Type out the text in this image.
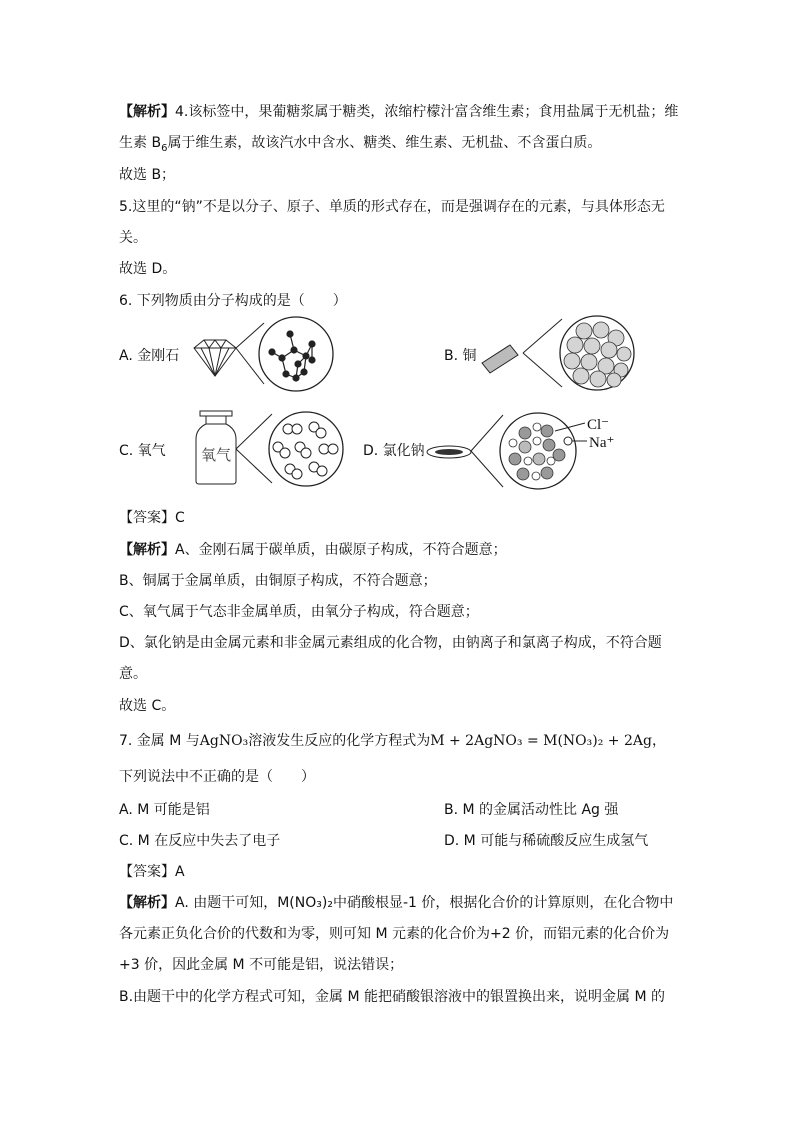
【解析】4.该标签中，果葡糖浆属于糖类，浓缩柠檬汁富含维生素；食用盐属于无机盐；维
生素 $B_6$属于维生素，故该汽水中含水、糖类、维生素、无机盐、不含蛋白质。
故选 B；
5.这里的“钠”不是以分子、原子、单质的形式存在，而是强调存在的元素，与具体形态无
关。
故选 D。
6. 下列物质由分子构成的是（　　）
A. 金刚石	B. 铜
C. 氧气 氧气	D. 氯化钠
Cl⁻
Na⁺
【答案】C
【解析】A、金刚石属于碳单质，由碳原子构成，不符合题意；
B、铜属于金属单质，由铜原子构成，不符合题意；
C、氧气属于气态非金属单质，由氧分子构成，符合题意；
D、氯化钠是由金属元素和非金属元素组成的化合物，由钠离子和氯离子构成，不符合题
意。
故选 C。
7. 金属 M 与AgNO₃溶液发生反应的化学方程式为M + 2AgNO₃ = M(NO₃)₂ + 2Ag，
下列说法中不正确的是（　　）
A. M 可能是铝	B. M 的金属活动性比 Ag 强
C. M 在反应中失去了电子	D. M 可能与稀硫酸反应生成氢气
【答案】A
【解析】A. 由题干可知，M(NO₃)₂中硝酸根显-1 价，根据化合价的计算原则，在化合物中
各元素正负化合价的代数和为零，则可知 M 元素的化合价为+2 价，而铝元素的化合价为
+3 价，因此金属 M 不可能是铝，说法错误；
B.由题干中的化学方程式可知，金属 M 能把硝酸银溶液中的银置换出来，说明金属 M 的
